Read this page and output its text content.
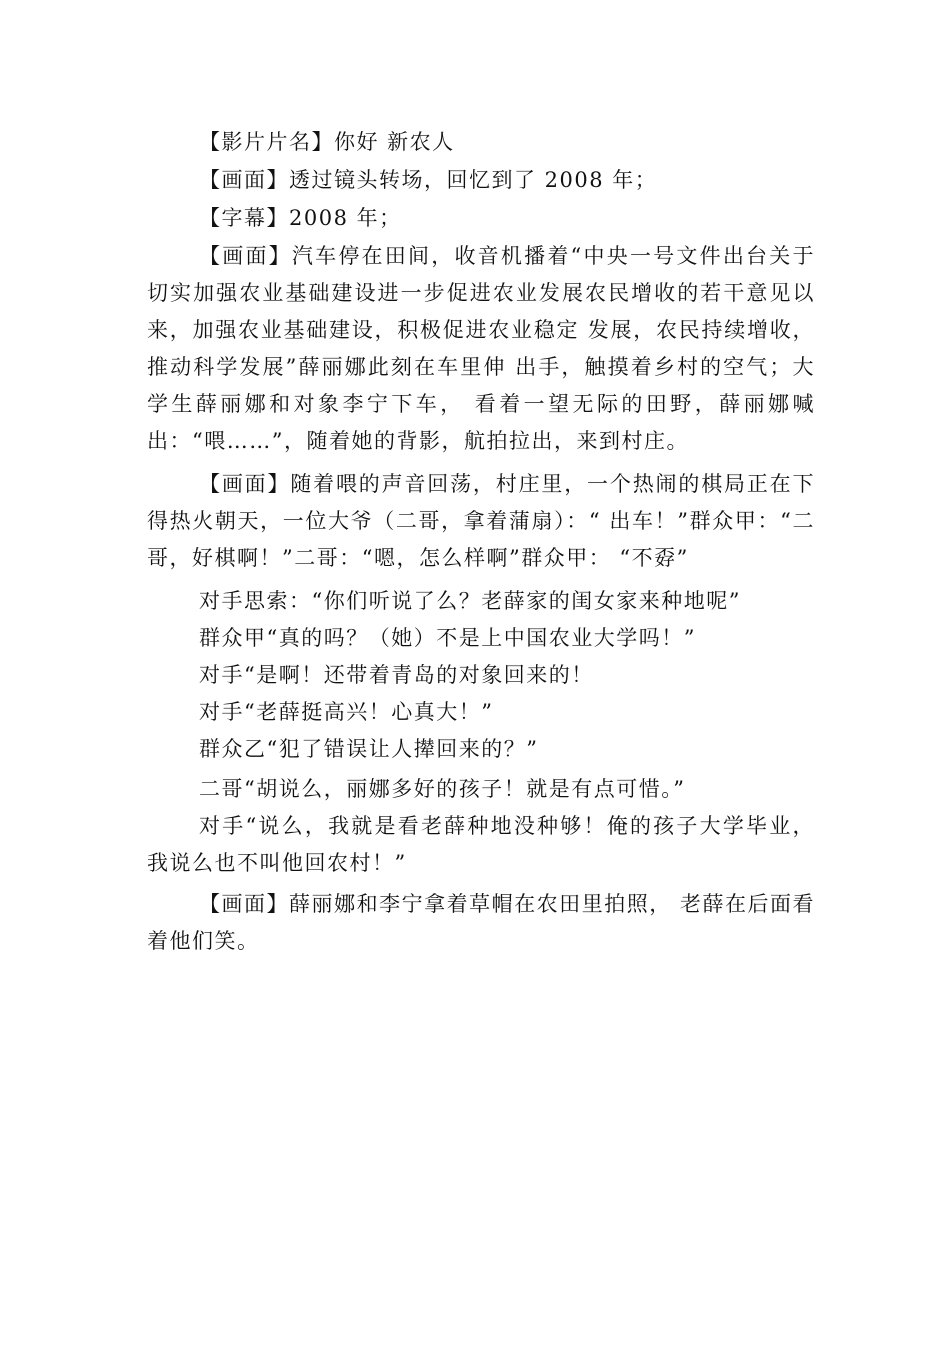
【影片片名】你好 新农人

【画面】透过镜头转场，回忆到了 2008 年；

【字幕】2008 年；

【画面】汽车停在田间，收音机播着“中央一号文件出台关于切实加强农业基础建设进一步促进农业发展农民增收的若干意见以来，加强农业基础建设，积极促进农业稳定 发展，农民持续增收，推动科学发展”薛丽娜此刻在车里伸 出手，触摸着乡村的空气；大学生薛丽娜和对象李宁下车， 看着一望无际的田野，薛丽娜喊出：“喂……”，随着她的背影，航拍拉出，来到村庄。

【画面】随着喂的声音回荡，村庄里，一个热闹的棋局正在下得热火朝天，一位大爷（二哥，拿着蒲扇）：“ 出车！”群众甲：“二哥，好棋啊！”二哥：“嗯，怎么样啊”群众甲： “不孬”

对手思索：“你们听说了么？老薛家的闺女家来种地呢”

群众甲“真的吗？（她）不是上中国农业大学吗！”

对手“是啊！还带着青岛的对象回来的！

对手“老薛挺高兴！心真大！”

群众乙“犯了错误让人撵回来的？”

二哥“胡说么，丽娜多好的孩子！就是有点可惜。”

对手“说么，我就是看老薛种地没种够！俺的孩子大学毕业，我说么也不叫他回农村！”

【画面】薛丽娜和李宁拿着草帽在农田里拍照， 老薛在后面看着他们笑。
